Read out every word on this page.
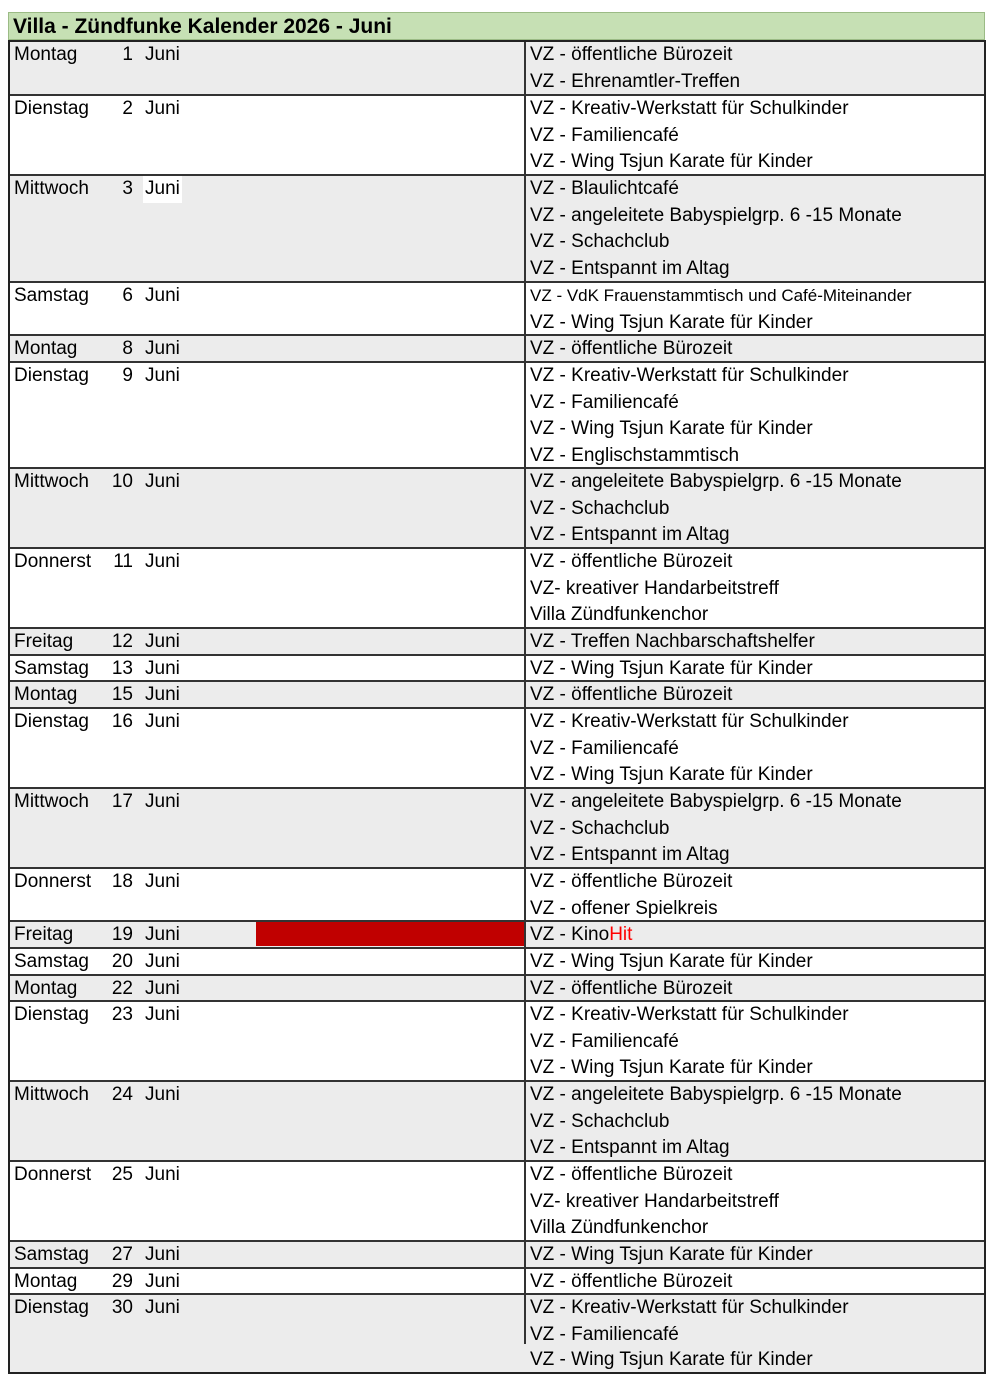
Villa - Zündfunke Kalender 2026 - Juni
Montag	1 Juni	VZ - öffentliche Bürozeit
VZ - Ehrenamtler-Treffen
Dienstag	2 Juni	VZ - Kreativ-Werkstatt für Schulkinder
VZ - Familiencafé
VZ - Wing Tsjun Karate für Kinder
Mittwoch	3 Juni	VZ - Blaulichtcafé
VZ - angeleitete Babyspielgrp. 6 -15 Monate
VZ - Schachclub
VZ - Entspannt im Altag
Samstag	6 Juni	VZ - VdK Frauenstammtisch und Café-Miteinander
VZ - Wing Tsjun Karate für Kinder
Montag	8 Juni	VZ - öffentliche Bürozeit
Dienstag	9 Juni	VZ - Kreativ-Werkstatt für Schulkinder
VZ - Familiencafé
VZ - Wing Tsjun Karate für Kinder
VZ - Englischstammtisch
Mittwoch	10 Juni	VZ - angeleitete Babyspielgrp. 6 -15 Monate
VZ - Schachclub
VZ - Entspannt im Altag
Donnerst	11 Juni	VZ - öffentliche Bürozeit
VZ- kreativer Handarbeitstreff
Villa Zündfunkenchor
Freitag	12 Juni	VZ - Treffen Nachbarschaftshelfer
Samstag	13 Juni	VZ - Wing Tsjun Karate für Kinder
Montag	15 Juni	VZ - öffentliche Bürozeit
Dienstag	16 Juni	VZ - Kreativ-Werkstatt für Schulkinder
VZ - Familiencafé
VZ - Wing Tsjun Karate für Kinder
Mittwoch	17 Juni	VZ - angeleitete Babyspielgrp. 6 -15 Monate
VZ - Schachclub
VZ - Entspannt im Altag
Donnerst	18 Juni	VZ - öffentliche Bürozeit
VZ - offener Spielkreis
Freitag	19 Juni	VZ - KinoHit
Samstag	20 Juni	VZ - Wing Tsjun Karate für Kinder
Montag	22 Juni	VZ - öffentliche Bürozeit
Dienstag	23 Juni	VZ - Kreativ-Werkstatt für Schulkinder
VZ - Familiencafé
VZ - Wing Tsjun Karate für Kinder
Mittwoch	24 Juni	VZ - angeleitete Babyspielgrp. 6 -15 Monate
VZ - Schachclub
VZ - Entspannt im Altag
Donnerst	25 Juni	VZ - öffentliche Bürozeit
VZ- kreativer Handarbeitstreff
Villa Zündfunkenchor
Samstag	27 Juni	VZ - Wing Tsjun Karate für Kinder
Montag	29 Juni	VZ - öffentliche Bürozeit
Dienstag	30 Juni	VZ - Kreativ-Werkstatt für Schulkinder
VZ - Familiencafé
VZ - Wing Tsjun Karate für Kinder
